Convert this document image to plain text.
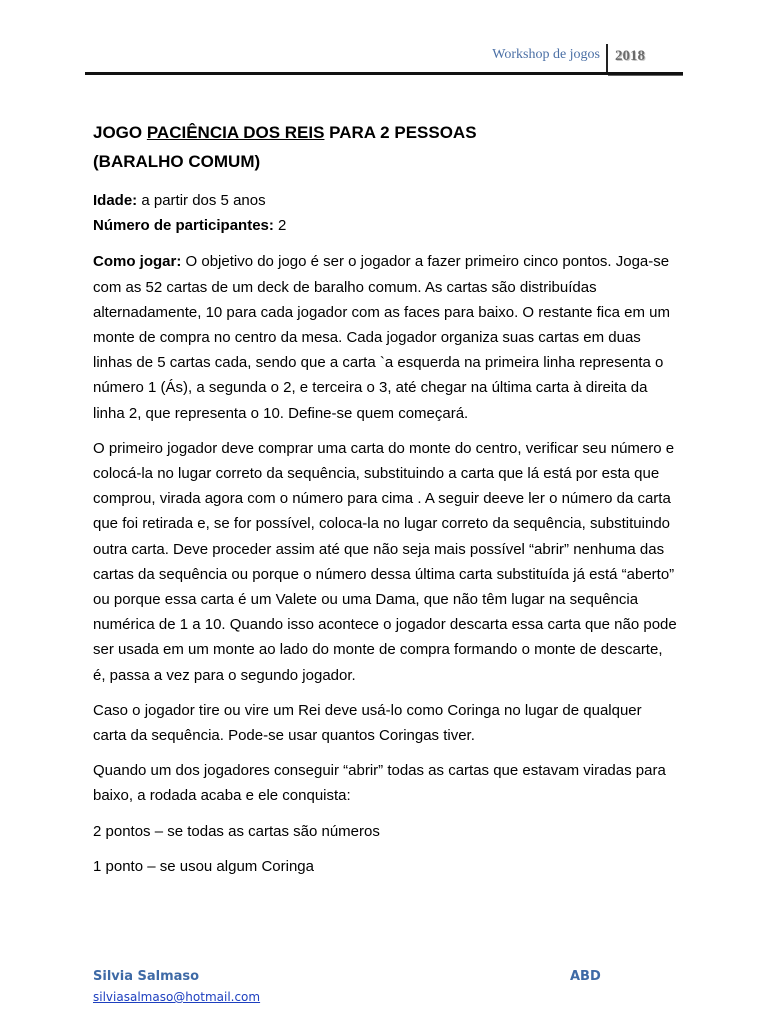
Workshop de jogos 2018

JOGO PACIÊNCIA DOS REIS PARA 2 PESSOAS

(BARALHO COMUM)

Idade: a partir dos 5 anos

Número de participantes: 2

Como jogar: O objetivo do jogo é ser o jogador a fazer primeiro cinco pontos. Joga-se com as 52 cartas de um deck de baralho comum. As cartas são distribuídas alternadamente, 10 para cada jogador com as faces para baixo. O restante fica em um monte de compra no centro da mesa. Cada jogador organiza suas cartas em duas linhas de 5 cartas cada, sendo que a carta `a esquerda na primeira linha representa o número 1 (Ás), a segunda o 2, e terceira o 3, até chegar na última carta à direita da linha 2, que representa o 10. Define-se quem começará.

O primeiro jogador deve comprar uma carta do monte do centro, verificar seu número e colocá-la no lugar correto da sequência, substituindo a carta que lá está por esta que comprou, virada agora com o número para cima . A seguir deeve ler o número da carta que foi retirada e, se for possível, coloca-la no lugar correto da sequência, substituindo outra carta. Deve proceder assim até que não seja mais possível “abrir” nenhuma das cartas da sequência ou porque o número dessa última carta substituída já está “aberto” ou porque essa carta é um Valete ou uma Dama, que não têm lugar na sequência numérica de 1 a 10. Quando isso acontece o jogador descarta essa carta que não pode ser usada em um monte ao lado do monte de compra formando o monte de descarte, é, passa a vez para o segundo jogador.

Caso o jogador tire ou vire um Rei deve usá-lo como Coringa no lugar de qualquer carta da sequência. Pode-se usar quantos Coringas tiver.

Quando um dos jogadores conseguir “abrir” todas as cartas que estavam viradas para baixo, a rodada acaba e ele conquista:

2 pontos – se todas as cartas são números

1 ponto – se usou algum Coringa

Silvia Salmaso	ABD
silviasalmaso@hotmail.com
